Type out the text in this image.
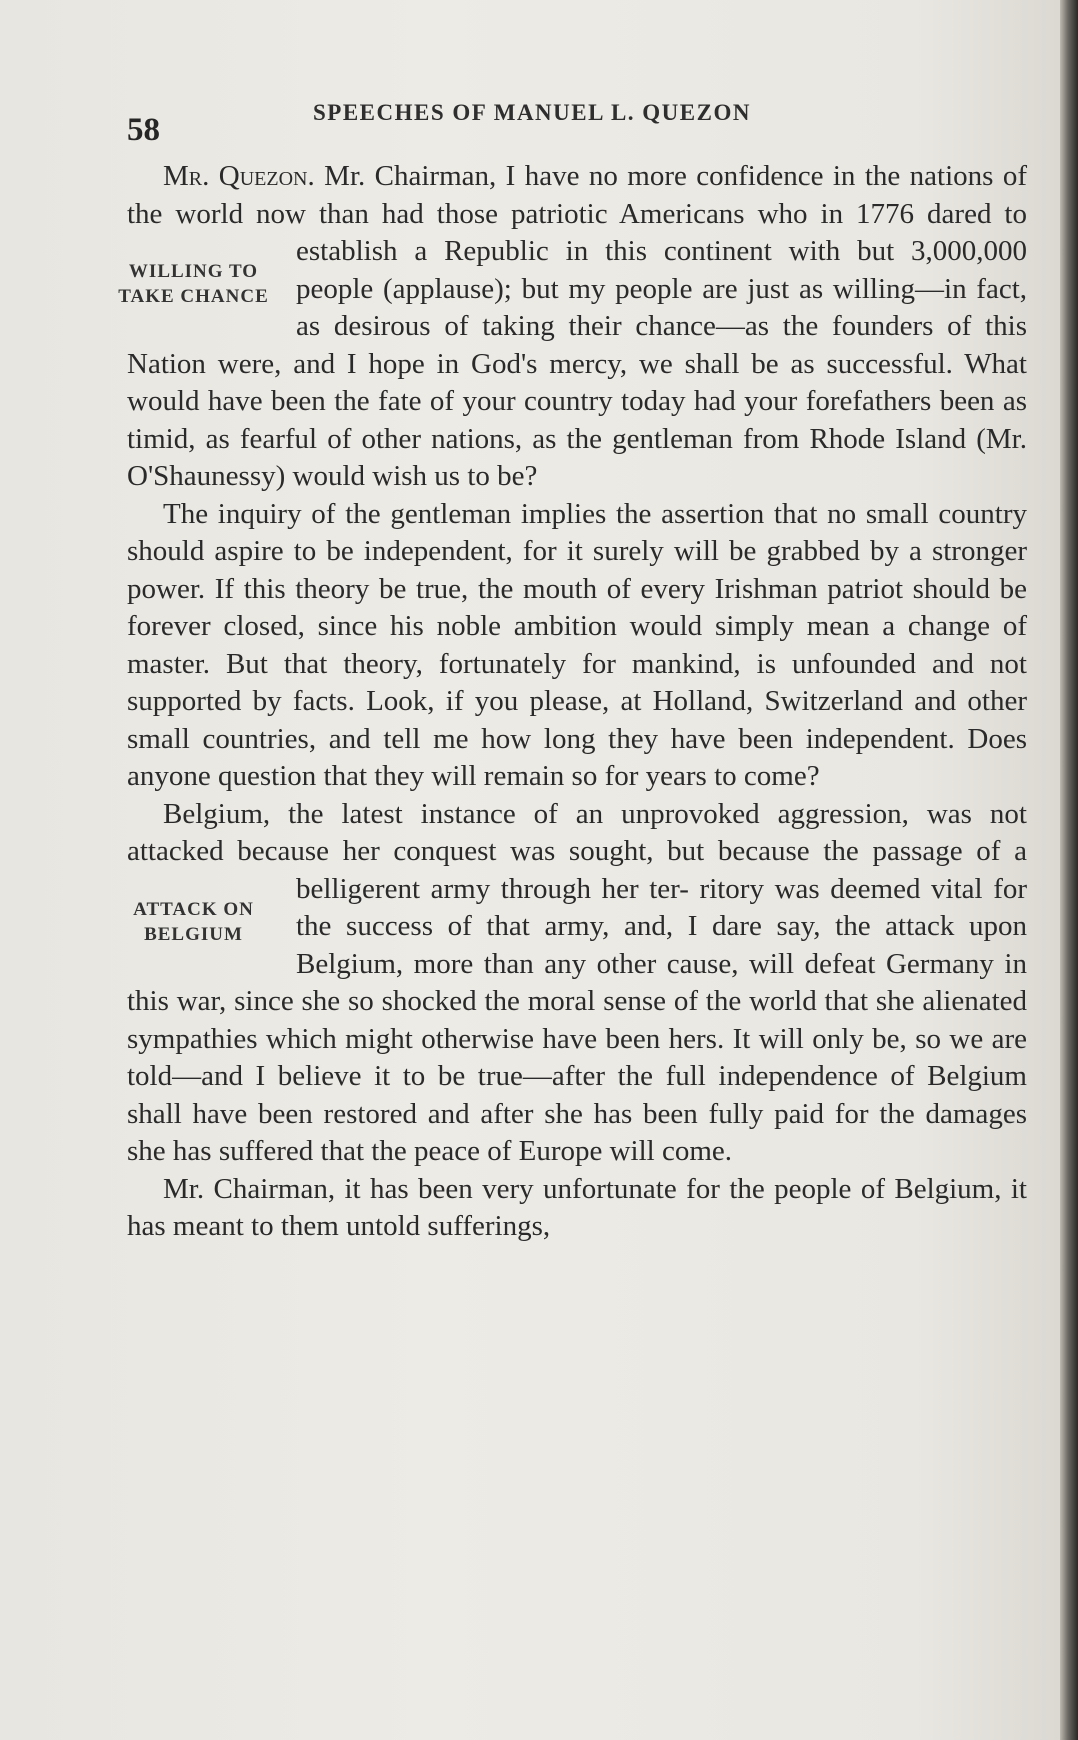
58	SPEECHES OF MANUEL L. QUEZON

Mr. Quezon. Mr. Chairman, I have no more confidence in the nations of the world now than had those patriotic Americans who in 1776 dared to establish a Republic in
WILLING TO
TAKE CHANCE
this continent with but 3,000,000 people (applause); but my people are just as willing—in fact, as desirous of taking their chance—as the founders of this Nation were, and I hope in God's mercy, we shall be as successful. What would have been the fate of your country today had your forefathers been as timid, as fearful of other nations, as the gentleman from Rhode Island (Mr. O'Shaunessy) would wish us to be?

The inquiry of the gentleman implies the assertion that no small country should aspire to be independent, for it surely will be grabbed by a stronger power. If this theory be true, the mouth of every Irishman patriot should be forever closed, since his noble ambition would simply mean a change of master. But that theory, fortunately for mankind, is unfounded and not supported by facts. Look, if you please, at Holland, Switzerland and other small countries, and tell me how long they have been independent. Does anyone question that they will remain so for years to come?

Belgium, the latest instance of an unprovoked aggression, was not attacked because her conquest was sought, but because the passage of a belligerent army through her ter-
ATTACK ON
BELGIUM
ritory was deemed vital for the success of that army, and, I dare say, the attack upon Belgium, more than any other cause, will defeat Germany in this war, since she so shocked the moral sense of the world that she alienated sympathies which might otherwise have been hers. It will only be, so we are told—and I believe it to be true—after the full independence of Belgium shall have been restored and after she has been fully paid for the damages she has suffered that the peace of Europe will come.

Mr. Chairman, it has been very unfortunate for the people of Belgium, it has meant to them untold sufferings,
